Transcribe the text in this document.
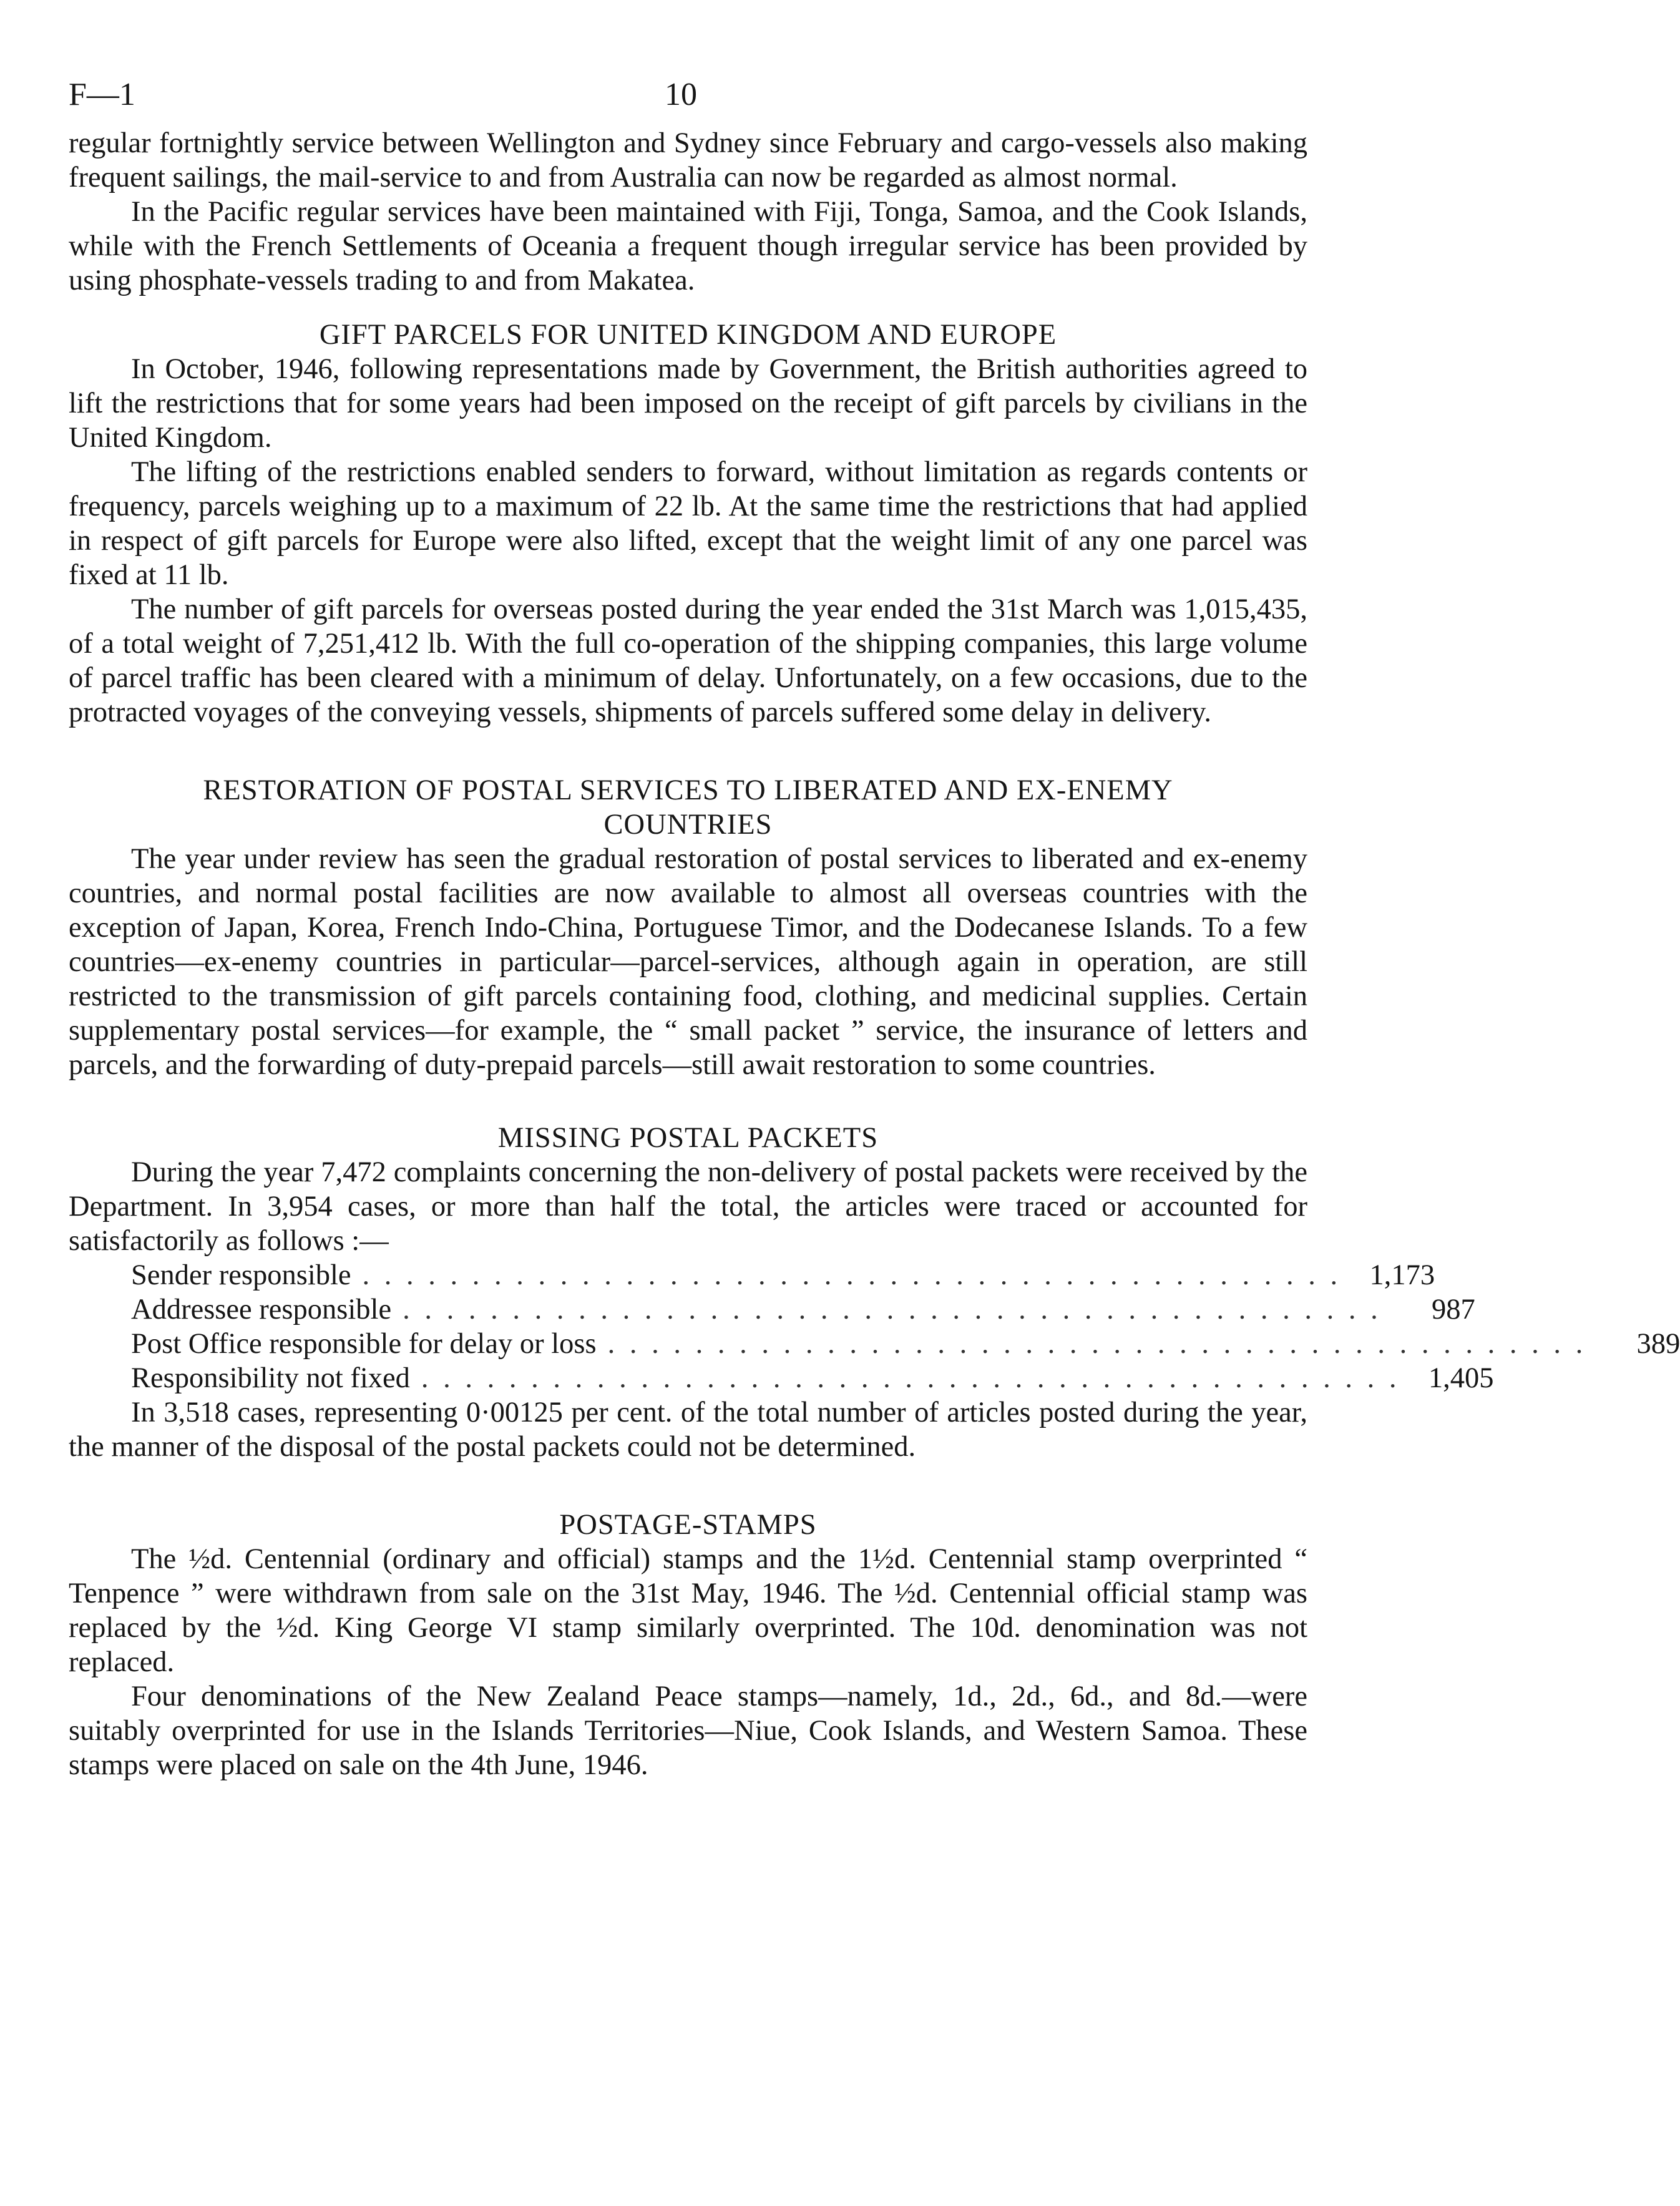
F—1	10

regular fortnightly service between Wellington and Sydney since February and cargo-vessels also making frequent sailings, the mail-service to and from Australia can now be regarded as almost normal.

In the Pacific regular services have been maintained with Fiji, Tonga, Samoa, and the Cook Islands, while with the French Settlements of Oceania a frequent though irregular service has been provided by using phosphate-vessels trading to and from Makatea.

GIFT PARCELS FOR UNITED KINGDOM AND EUROPE

In October, 1946, following representations made by Government, the British authorities agreed to lift the restrictions that for some years had been imposed on the receipt of gift parcels by civilians in the United Kingdom.

The lifting of the restrictions enabled senders to forward, without limitation as regards contents or frequency, parcels weighing up to a maximum of 22 lb. At the same time the restrictions that had applied in respect of gift parcels for Europe were also lifted, except that the weight limit of any one parcel was fixed at 11 lb.

The number of gift parcels for overseas posted during the year ended the 31st March was 1,015,435, of a total weight of 7,251,412 lb. With the full co-operation of the shipping companies, this large volume of parcel traffic has been cleared with a minimum of delay. Unfortunately, on a few occasions, due to the protracted voyages of the conveying vessels, shipments of parcels suffered some delay in delivery.

RESTORATION OF POSTAL SERVICES TO LIBERATED AND EX-ENEMY
COUNTRIES

The year under review has seen the gradual restoration of postal services to liberated and ex-enemy countries, and normal postal facilities are now available to almost all overseas countries with the exception of Japan, Korea, French Indo-China, Portuguese Timor, and the Dodecanese Islands. To a few countries—ex-enemy countries in particular—parcel-services, although again in operation, are still restricted to the transmission of gift parcels containing food, clothing, and medicinal supplies. Certain supplementary postal services—for example, the “ small packet ” service, the insurance of letters and parcels, and the forwarding of duty-prepaid parcels—still await restoration to some countries.

MISSING POSTAL PACKETS

During the year 7,472 complaints concerning the non-delivery of postal packets were received by the Department. In 3,954 cases, or more than half the total, the articles were traced or accounted for satisfactorily as follows :—

Sender responsible . . . . . . . . . . . . . . . . . . . . . . . . . . . . . . . . . . . . . . . . . . . . . 1,173
Addressee responsible . . . . . . . . . . . . . . . . . . . . . . . . . . . . . . . . . . . . . . . . . . . . .	987
Post Office responsible for delay or loss . . . . . . . . . . . . . . . . . . . . . . . . . . . . . . . . . . . . . . . . . . . . .	389
Responsibility not fixed . . . . . . . . . . . . . . . . . . . . . . . . . . . . . . . . . . . . . . . . . . . . . 1,405

In 3,518 cases, representing 0·00125 per cent. of the total number of articles posted during the year, the manner of the disposal of the postal packets could not be determined.

POSTAGE-STAMPS

The ½d. Centennial (ordinary and official) stamps and the 1½d. Centennial stamp overprinted “ Tenpence ” were withdrawn from sale on the 31st May, 1946. The ½d. Centennial official stamp was replaced by the ½d. King George VI stamp similarly overprinted. The 10d. denomination was not replaced.

Four denominations of the New Zealand Peace stamps—namely, 1d., 2d., 6d., and 8d.—were suitably overprinted for use in the Islands Territories—Niue, Cook Islands, and Western Samoa. These stamps were placed on sale on the 4th June, 1946.
